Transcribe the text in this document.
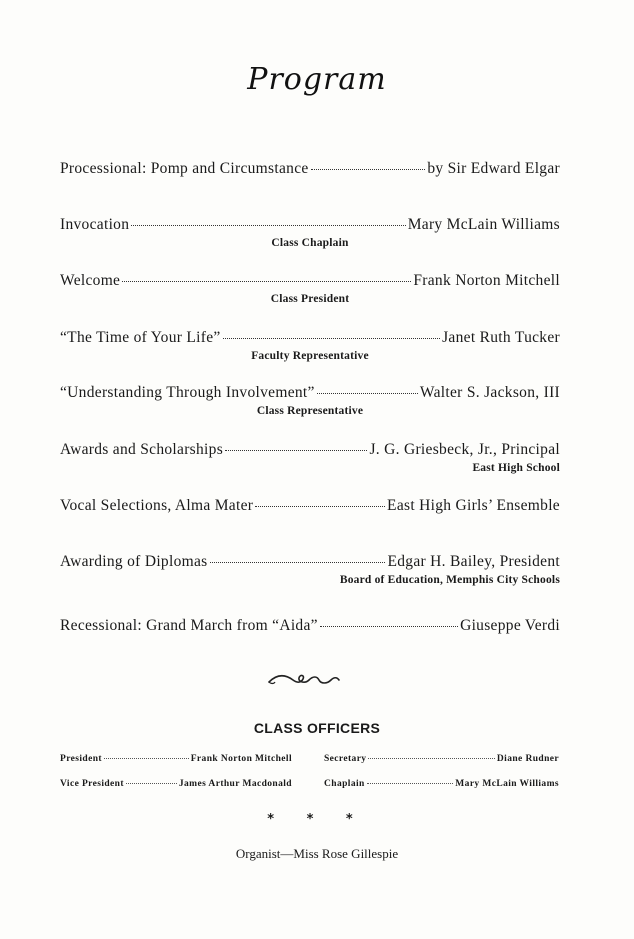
Program
Processional: Pomp and Circumstance	by Sir Edward Elgar
Invocation	Mary McLain Williams
Class Chaplain
Welcome	Frank Norton Mitchell
Class President
“The Time of Your Life”	Janet Ruth Tucker
Faculty Representative
“Understanding Through Involvement”	Walter S. Jackson, III
Class Representative
Awards and Scholarships	J. G. Griesbeck, Jr., Principal
East High School
Vocal Selections, Alma Mater	East High Girls’ Ensemble
Awarding of Diplomas	Edgar H. Bailey, President
Board of Education, Memphis City Schools
Recessional: Grand March from “Aida”	Giuseppe Verdi
CLASS OFFICERS
President	Frank Norton Mitchell	Secretary	Diane Rudner
Vice President	James Arthur Macdonald	Chaplain	Mary McLain Williams
* * *
Organist—Miss Rose Gillespie
